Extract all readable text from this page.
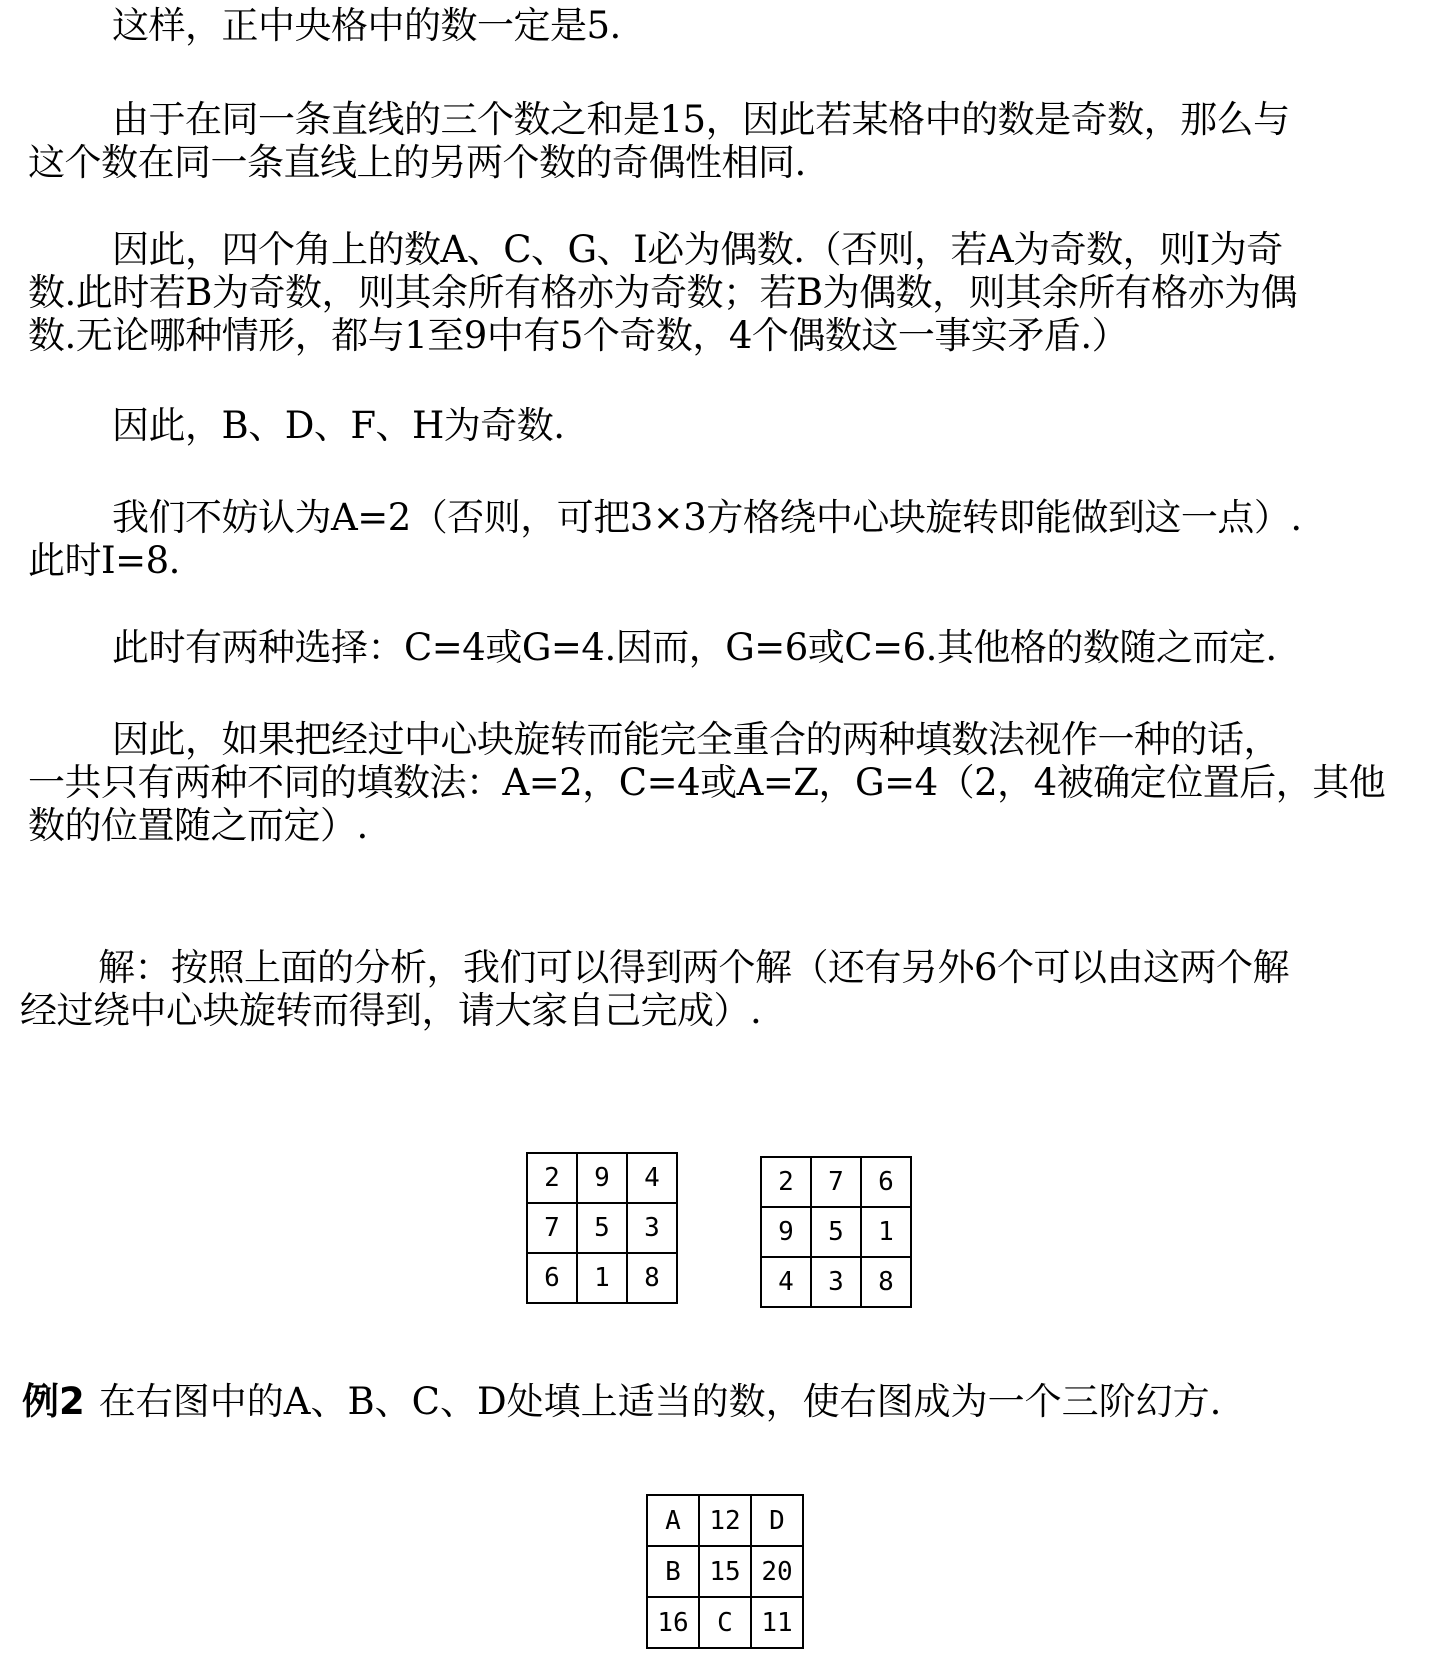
这样，正中央格中的数一定是5.
由于在同一条直线的三个数之和是15，因此若某格中的数是奇数，那么与
这个数在同一条直线上的另两个数的奇偶性相同.
因此，四个角上的数A、C、G、I必为偶数.（否则，若A为奇数，则I为奇
数.此时若B为奇数，则其余所有格亦为奇数；若B为偶数，则其余所有格亦为偶
数.无论哪种情形，都与1至9中有5个奇数，4个偶数这一事实矛盾.）
因此，B、D、F、H为奇数.
我们不妨认为A=2（否则，可把3×3方格绕中心块旋转即能做到这一点）.
此时I=8.
此时有两种选择：C=4或G=4.因而，G=6或C=6.其他格的数随之而定.
因此，如果把经过中心块旋转而能完全重合的两种填数法视作一种的话，
一共只有两种不同的填数法：A=2，C=4或A=Z，G=4（2，4被确定位置后，其他
数的位置随之而定）.
解：按照上面的分析，我们可以得到两个解（还有另外6个可以由这两个解
经过绕中心块旋转而得到，请大家自己完成）.
2	9	4
7	5	3
6	1	8
2	7	6
9	5	1
4	3	8
例2 在右图中的A、B、C、D处填上适当的数，使右图成为一个三阶幻方.
A	12	D
B	15	20
16	C	11
